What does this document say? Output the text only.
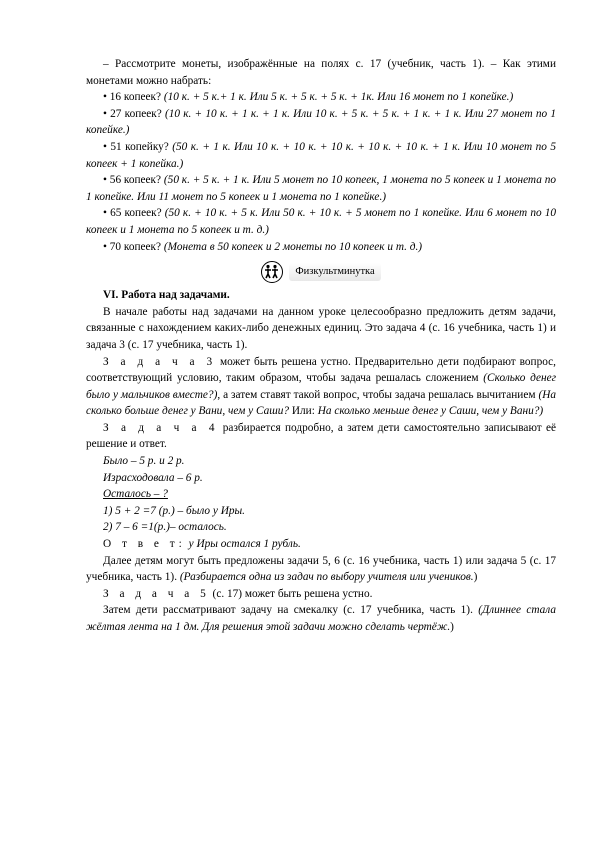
– Рассмотрите монеты, изображённые на полях с. 17 (учебник, часть 1). – Как этими монетами можно набрать:

• 16 копеек? (10 к. + 5 к.+ 1 к. Или 5 к. + 5 к. + 5 к. + 1к. Или 16 монет по 1 копейке.)

• 27 копеек? (10 к. + 10 к. + 1 к. + 1 к. Или 10 к. + 5 к. + 5 к. + 1 к. + 1 к. Или 27 монет по 1 копейке.)

• 51 копейку? (50 к. + 1 к. Или 10 к. + 10 к. + 10 к. + 10 к. + 10 к. + 1 к. Или 10 монет по 5 копеек + 1 копейка.)

• 56 копеек? (50 к. + 5 к. + 1 к. Или 5 монет по 10 копеек, 1 монета по 5 копеек и 1 монета по 1 копейке. Или 11 монет по 5 копеек и 1 монета по 1 копейке.)

• 65 копеек? (50 к. + 10 к. + 5 к. Или 50 к. + 10 к. + 5 монет по 1 копейке. Или 6 монет по 10 копеек и 1 монета по 5 копеек и т. д.)

• 70 копеек? (Монета в 50 копеек и 2 монеты по 10 копеек и т. д.)

Физкультминутка

VI. Работа над задачами.

В начале работы над задачами на данном уроке целесообразно предложить детям задачи, связанные с нахождением каких-либо денежных единиц. Это задача 4 (с. 16 учебника, часть 1) и задача 3 (с. 17 учебника, часть 1).

З а д а ч а 3 может быть решена устно. Предварительно дети подбирают вопрос, соответствующий условию, таким образом, чтобы задача решалась сложением (Сколько денег было у мальчиков вместе?), а затем ставят такой вопрос, чтобы задача решалась вычитанием (На сколько больше денег у Вани, чем у Саши? Или: На сколько меньше денег у Саши, чем у Вани?)

З а д а ч а 4 разбирается подробно, а затем дети самостоятельно записывают её решение и ответ.

Было – 5 р. и 2 р.

Израсходовала – 6 р.

Осталось – ?

1) 5 + 2 =7 (р.) – было у Иры.

2) 7 – 6 =1(р.)– осталось.

О т в е т: у Иры остался 1 рубль.

Далее детям могут быть предложены задачи 5, 6 (с. 16 учебника, часть 1) или задача 5 (с. 17 учебника, часть 1). (Разбирается одна из задач по выбору учителя или учеников.)

З а д а ч а 5 (с. 17) может быть решена устно.

Затем дети рассматривают задачу на смекалку (с. 17 учебника, часть 1). (Длиннее стала жёлтая лента на 1 дм. Для решения этой задачи можно сделать чертёж.)
